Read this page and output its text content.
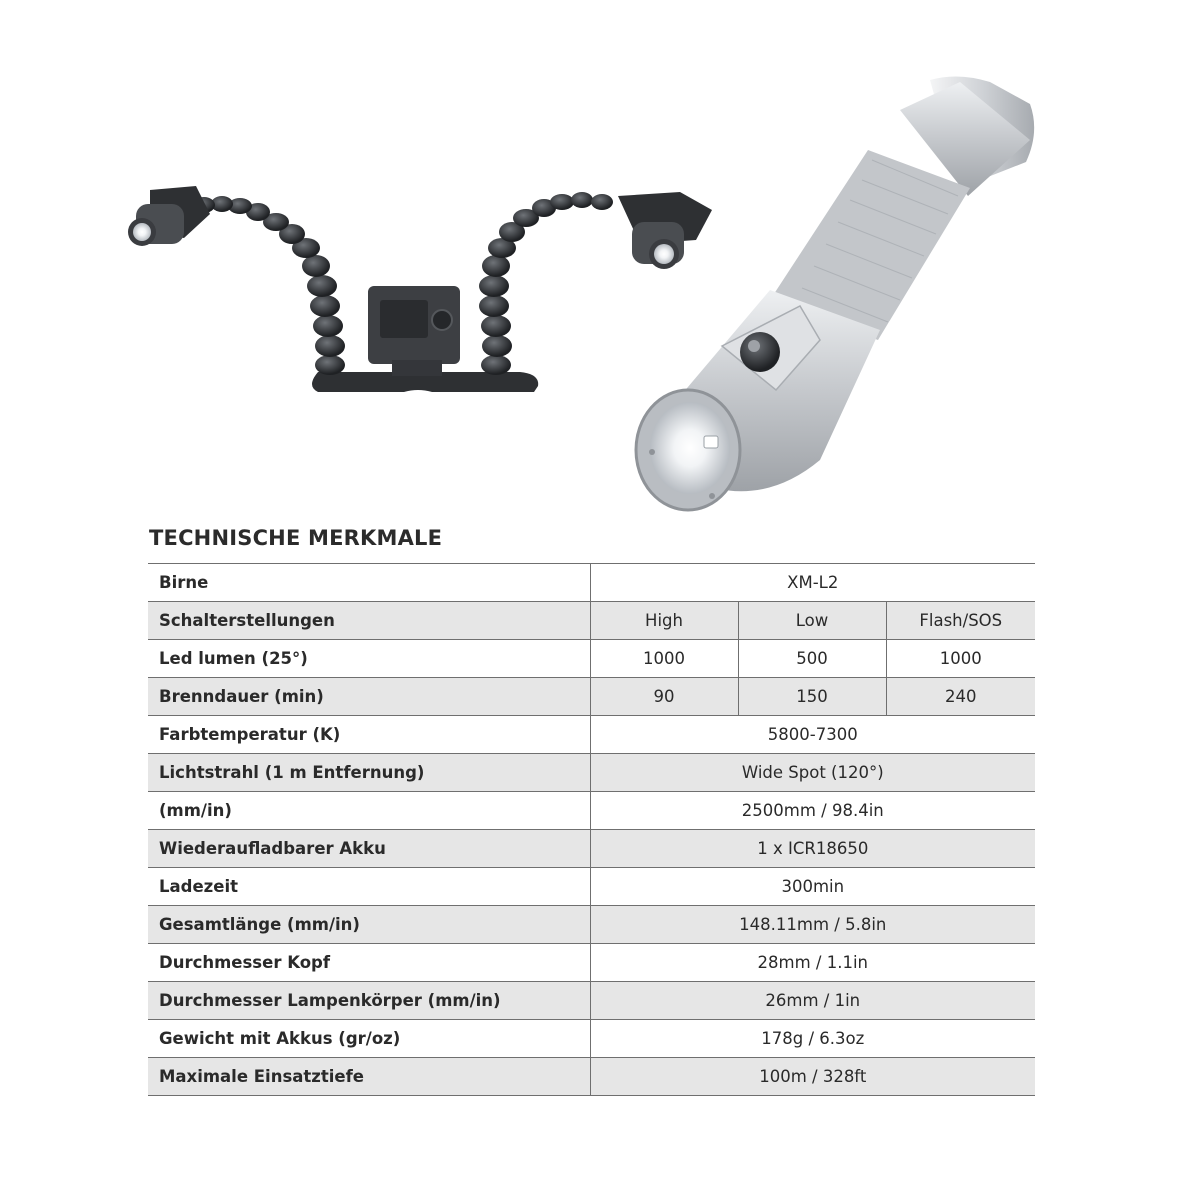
TECHNISCHE MERKMALE
Birne	XM-L2		
Schalterstellungen	High	Low	Flash/SOS
Led lumen (25°)	1000	500	1000
Brenndauer (min)	90	150	240
Farbtemperatur (K)	5800-7300		
Lichtstrahl (1 m Entfernung)	Wide Spot (120°)		
(mm/in)	2500mm / 98.4in		
Wiederaufladbarer Akku	1 x ICR18650		
Ladezeit	300min		
Gesamtlänge (mm/in)	148.11mm / 5.8in		
Durchmesser Kopf	28mm / 1.1in		
Durchmesser Lampenkörper (mm/in)	26mm / 1in		
Gewicht mit Akkus (gr/oz)	178g / 6.3oz		
Maximale Einsatztiefe	100m / 328ft		
